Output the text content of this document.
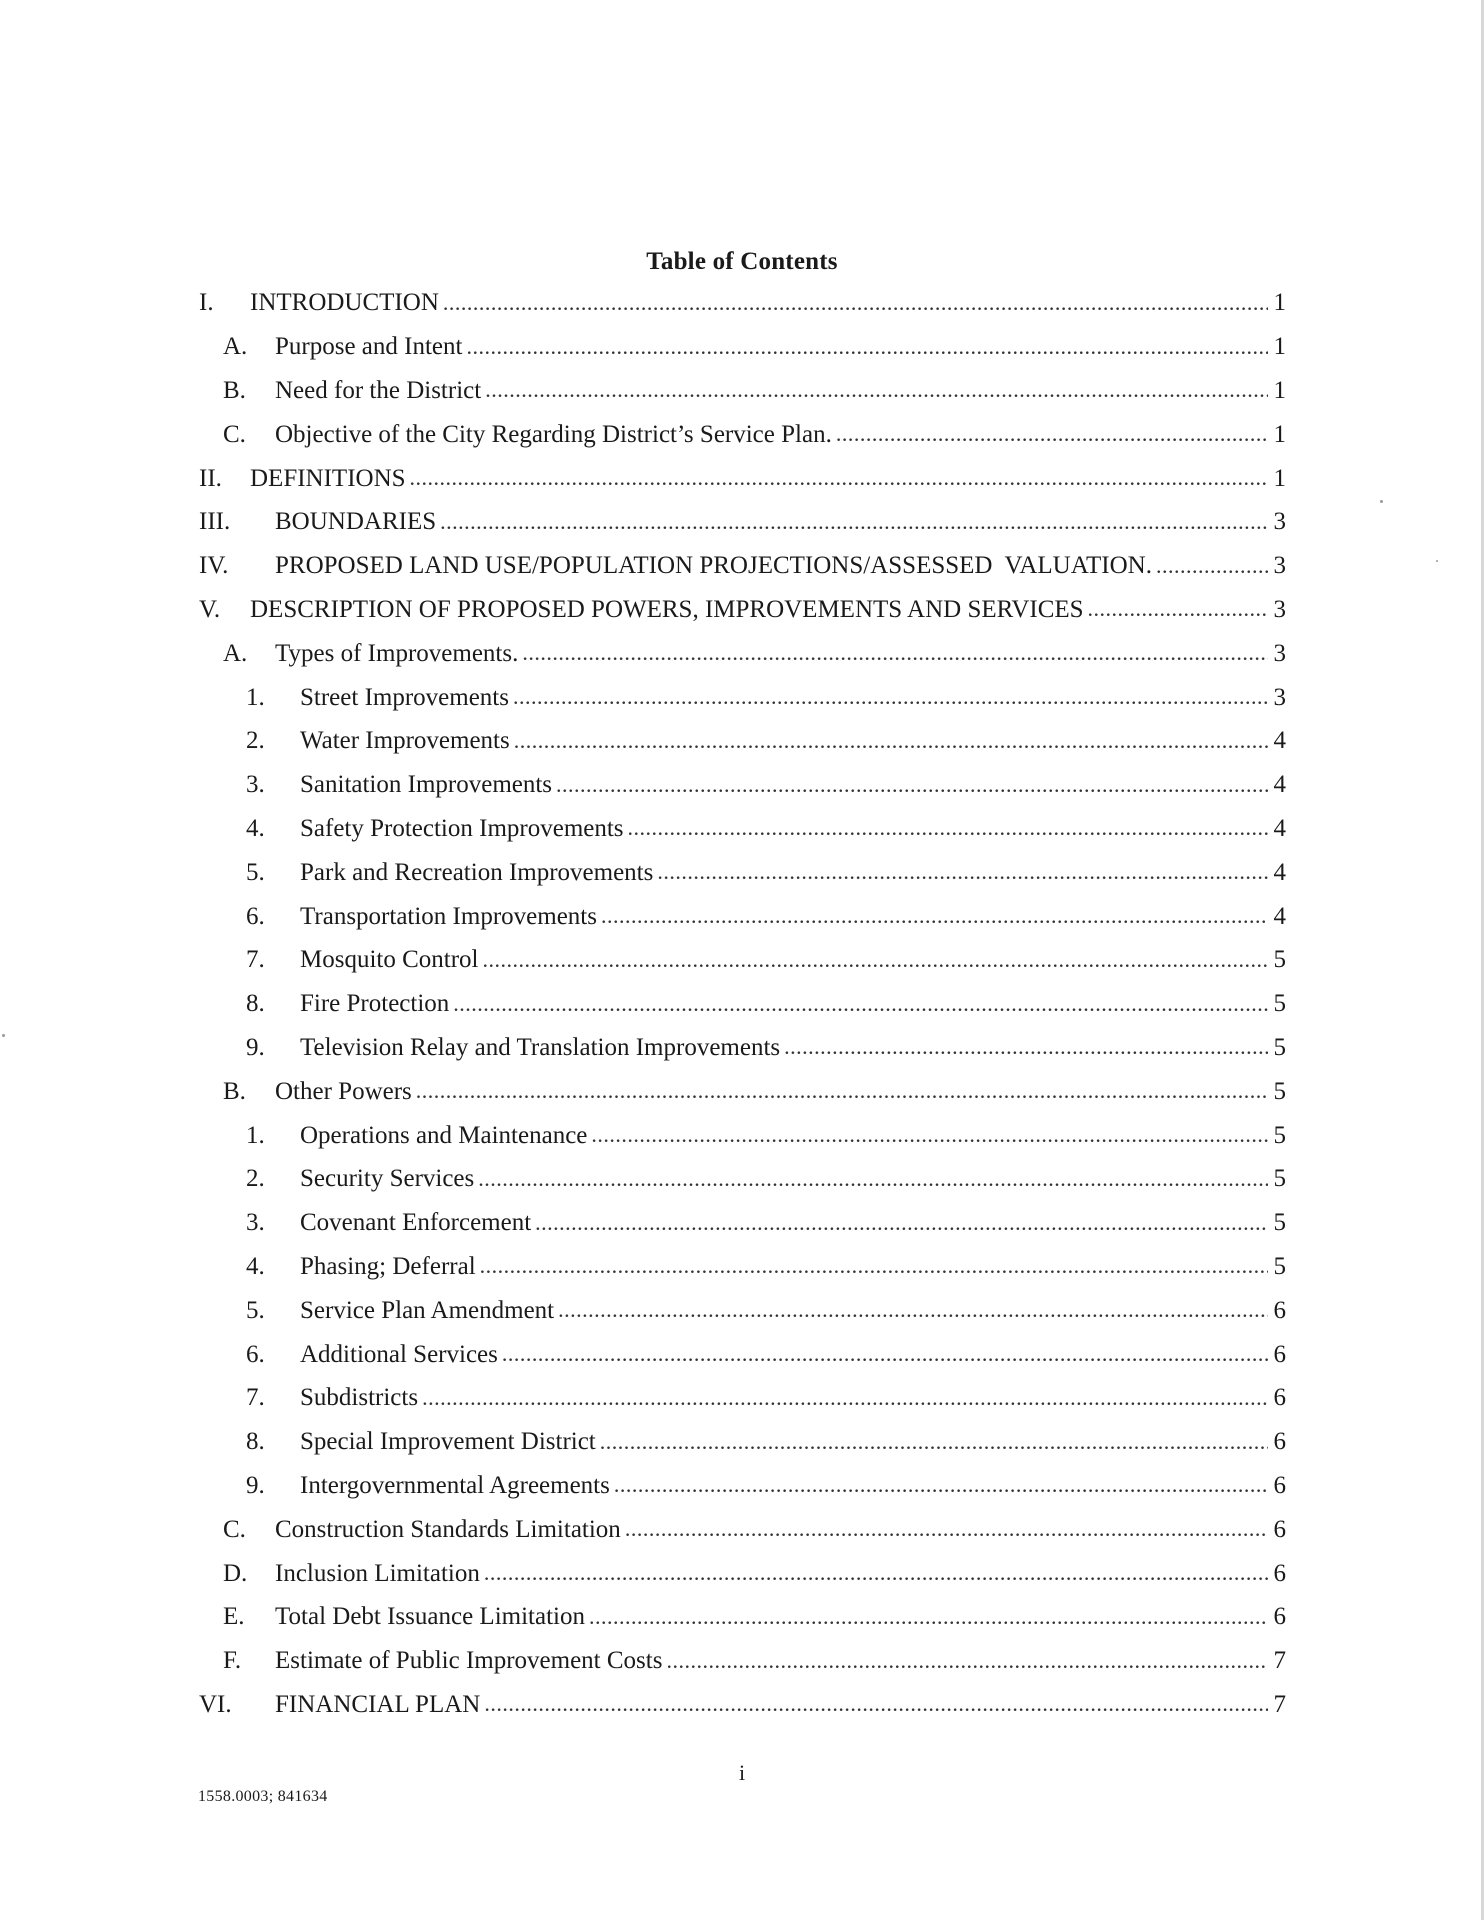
Table of Contents
I.	INTRODUCTION .....	1
A.	Purpose and Intent .....	1
B.	Need for the District .....	1
C.	Objective of the City Regarding District’s Service Plan. .....	1
II.	DEFINITIONS .....	1
III.	BOUNDARIES .....	3
IV.	PROPOSED LAND USE/POPULATION PROJECTIONS/ASSESSED  VALUATION. .....	3
V.	DESCRIPTION OF PROPOSED POWERS, IMPROVEMENTS AND SERVICES .....	3
A.	Types of Improvements. .....	3
1.	Street Improvements .....	3
2.	Water Improvements .....	4
3.	Sanitation Improvements .....	4
4.	Safety Protection Improvements .....	4
5.	Park and Recreation Improvements .....	4
6.	Transportation Improvements .....	4
7.	Mosquito Control .....	5
8.	Fire Protection .....	5
9.	Television Relay and Translation Improvements .....	5
B.	Other Powers .....	5
1.	Operations and Maintenance .....	5
2.	Security Services .....	5
3.	Covenant Enforcement .....	5
4.	Phasing; Deferral .....	5
5.	Service Plan Amendment .....	6
6.	Additional Services .....	6
7.	Subdistricts .....	6
8.	Special Improvement District .....	6
9.	Intergovernmental Agreements .....	6
C.	Construction Standards Limitation .....	6
D.	Inclusion Limitation .....	6
E.	Total Debt Issuance Limitation .....	6
F.	Estimate of Public Improvement Costs .....	7
VI.	FINANCIAL PLAN .....	7
i
1558.0003; 841634
